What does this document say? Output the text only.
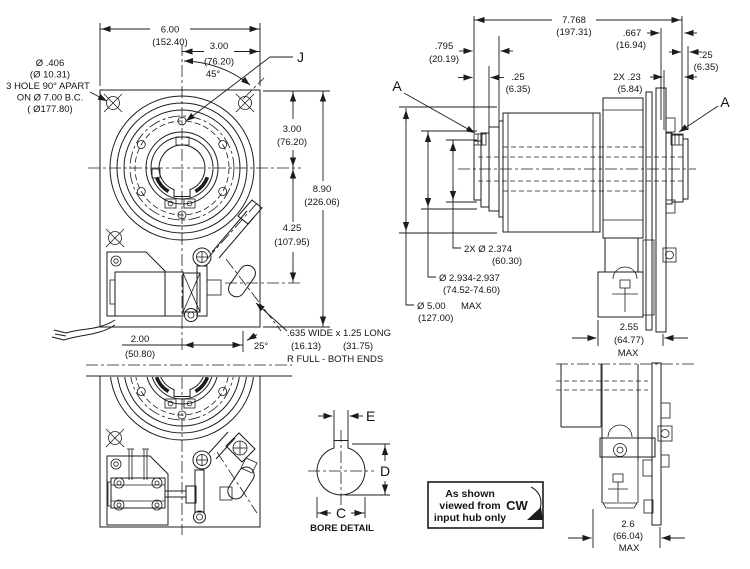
6.00
(152.40) 3.00
(76.20)
45°
J
Ø .406
(Ø 10.31)
3 HOLE 90° APART
ON Ø 7.00 B.C.
( Ø177.80)
3.00
(76.20)
8.90
(226.06)
4.25
(107.95)
2.00
(50.80)
25°
.635 WIDE x 1.25 LONG
(16.13) (31.75)
R FULL - BOTH ENDS
7.768
(197.31)
.795
(20.19)
.25
(6.35)
.667
(16.94)
2X .23
(5.84)
.25
(6.35)
A
A
Ø 5.00 MAX
(127.00)
Ø 2.934-2.937
(74.52-74.60)
2X Ø 2.374
(60.30)
2.55
(64.77)
MAX
2.6
(66.04)
MAX
E
D
C
BORE DETAIL
As shown
viewed from
input hub only
CW
